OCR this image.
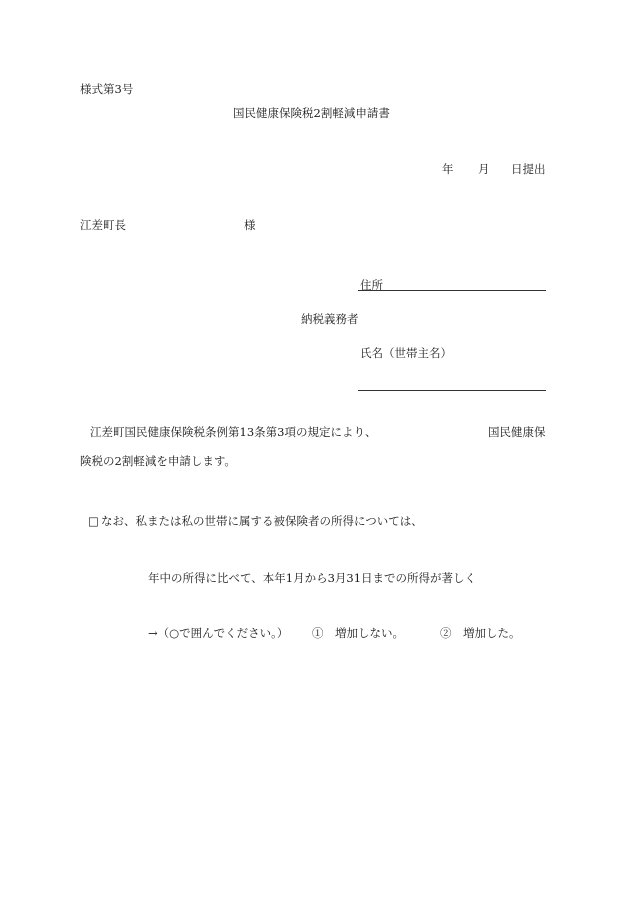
様式第3号
国民健康保険税2割軽減申請書
年 月 日提出
江差町長	様
住所
納税義務者
氏名（世帯主名）
江差町国民健康保険税条例第13条第3項の規定により、	国民健康保
険税の2割軽減を申請します。
□ なお、私または私の世帯に属する被保険者の所得については、
年中の所得に比べて、本年1月から3月31日までの所得が著しく
→（○で囲んでください。） ①　増加しない。	②　増加した。
